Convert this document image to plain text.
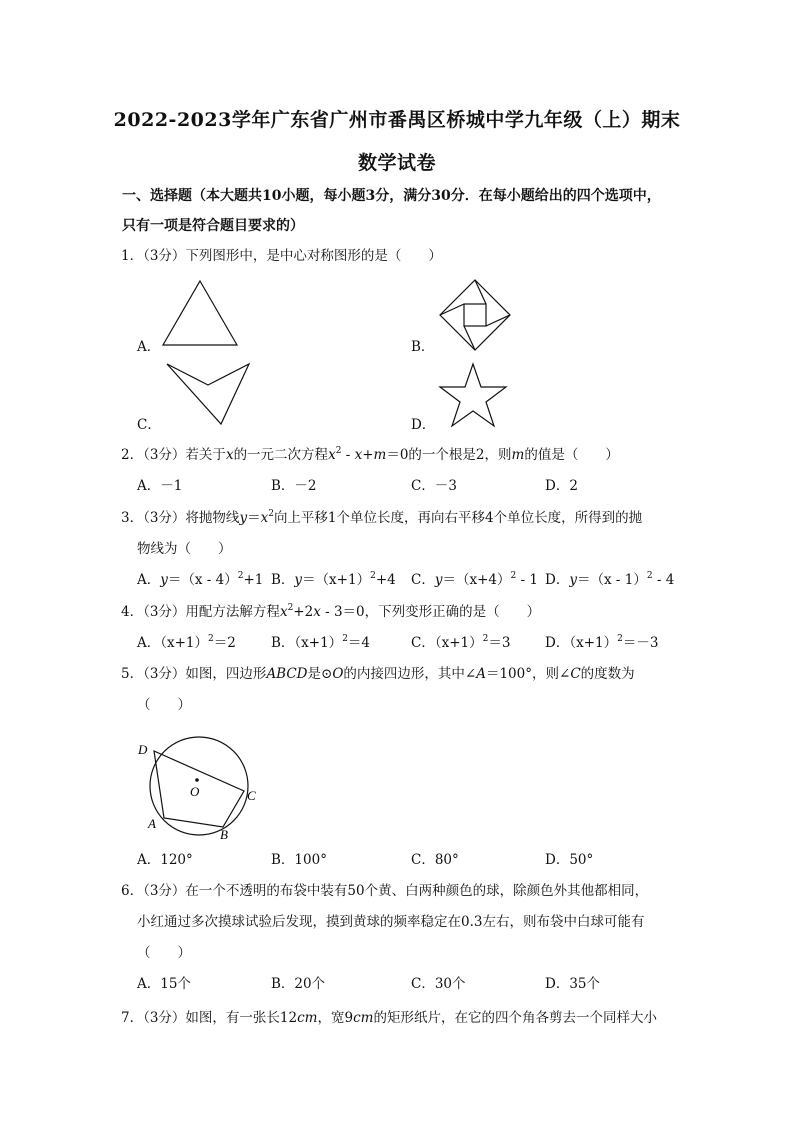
2022-2023学年广东省广州市番禺区桥城中学九年级（上）期末
数学试卷
一、选择题（本大题共10小题，每小题3分，满分30分．在每小题给出的四个选项中，
只有一项是符合题目要求的）
1．（3分）下列图形中，是中心对称图形的是（　　）
A．	B．
C．	D．
2．（3分）若关于x的一元二次方程$x^2 - x+m=0$的一个根是2，则m的值是（　　）
A．－1	B．－2	C．－3	D．2
3．（3分）将抛物线$y=x^2$向上平移1个单位长度，再向右平移4个单位长度，所得到的抛
物线为（　　）
A．y＝（x - 4）$^2$+1 B．$y=(x+1)^2+4$ C．$y=(x+4)^2 - 1$ D．y＝（x - 1）$^2$ - 4
4．（3分）用配方法解方程$x^2+2x - 3=0$，下列变形正确的是（　　）
A．$(x+1)^2=2$	B．$(x+1)^2=4$	C．$(x+1)^2=3$	D．$(x+1)^2=-3$
5．（3分）如图，四边形ABCD是⊙O的内接四边形，其中∠A＝100°，则∠C的度数为
（　　）
D
O	C
A
B
A．120°	B．100°	C．80°	D．50°
6．（3分）在一个不透明的布袋中装有50个黄、白两种颜色的球，除颜色外其他都相同，
小红通过多次摸球试验后发现，摸到黄球的频率稳定在0.3左右，则布袋中白球可能有
（　　）
A．15个	B．20个	C．30个	D．35个
7．（3分）如图，有一张长12cm，宽9cm的矩形纸片，在它的四个角各剪去一个同样大小
